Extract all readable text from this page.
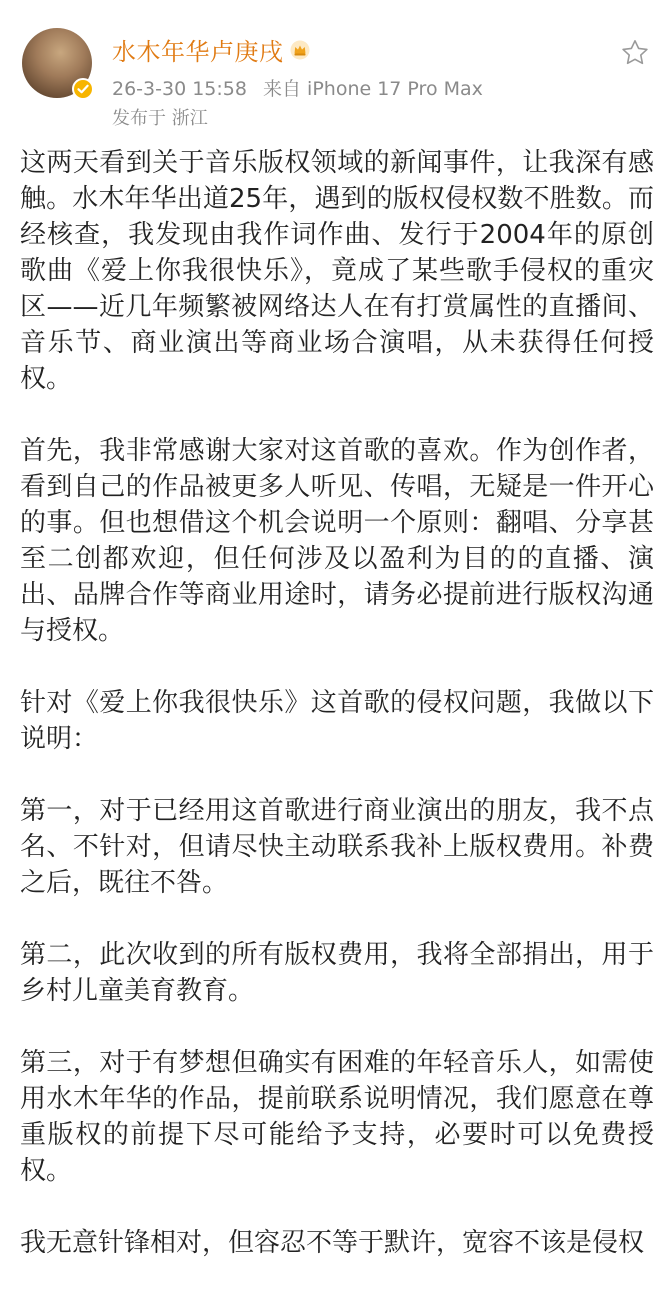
水木年华卢庚戌
26-3-30 15:58 来自 iPhone 17 Pro Max
发布于 浙江

这两天看到关于音乐版权领域的新闻事件，让我深有感触。水木年华出道25年，遇到的版权侵权数不胜数。而经核查，我发现由我作词作曲、发行于2004年的原创歌曲《爱上你我很快乐》，竟成了某些歌手侵权的重灾区——近几年频繁被网络达人在有打赏属性的直播间、音乐节、商业演出等商业场合演唱，从未获得任何授权。

首先，我非常感谢大家对这首歌的喜欢。作为创作者，看到自己的作品被更多人听见、传唱，无疑是一件开心的事。但也想借这个机会说明一个原则：翻唱、分享甚至二创都欢迎，但任何涉及以盈利为目的的直播、演出、品牌合作等商业用途时，请务必提前进行版权沟通与授权。

针对《爱上你我很快乐》这首歌的侵权问题，我做以下说明：

第一，对于已经用这首歌进行商业演出的朋友，我不点名、不针对，但请尽快主动联系我补上版权费用。补费之后，既往不咎。

第二，此次收到的所有版权费用，我将全部捐出，用于乡村儿童美育教育。

第三，对于有梦想但确实有困难的年轻音乐人，如需使用水木年华的作品，提前联系说明情况，我们愿意在尊重版权的前提下尽可能给予支持，必要时可以免费授权。

我无意针锋相对，但容忍不等于默许，宽容不该是侵权
